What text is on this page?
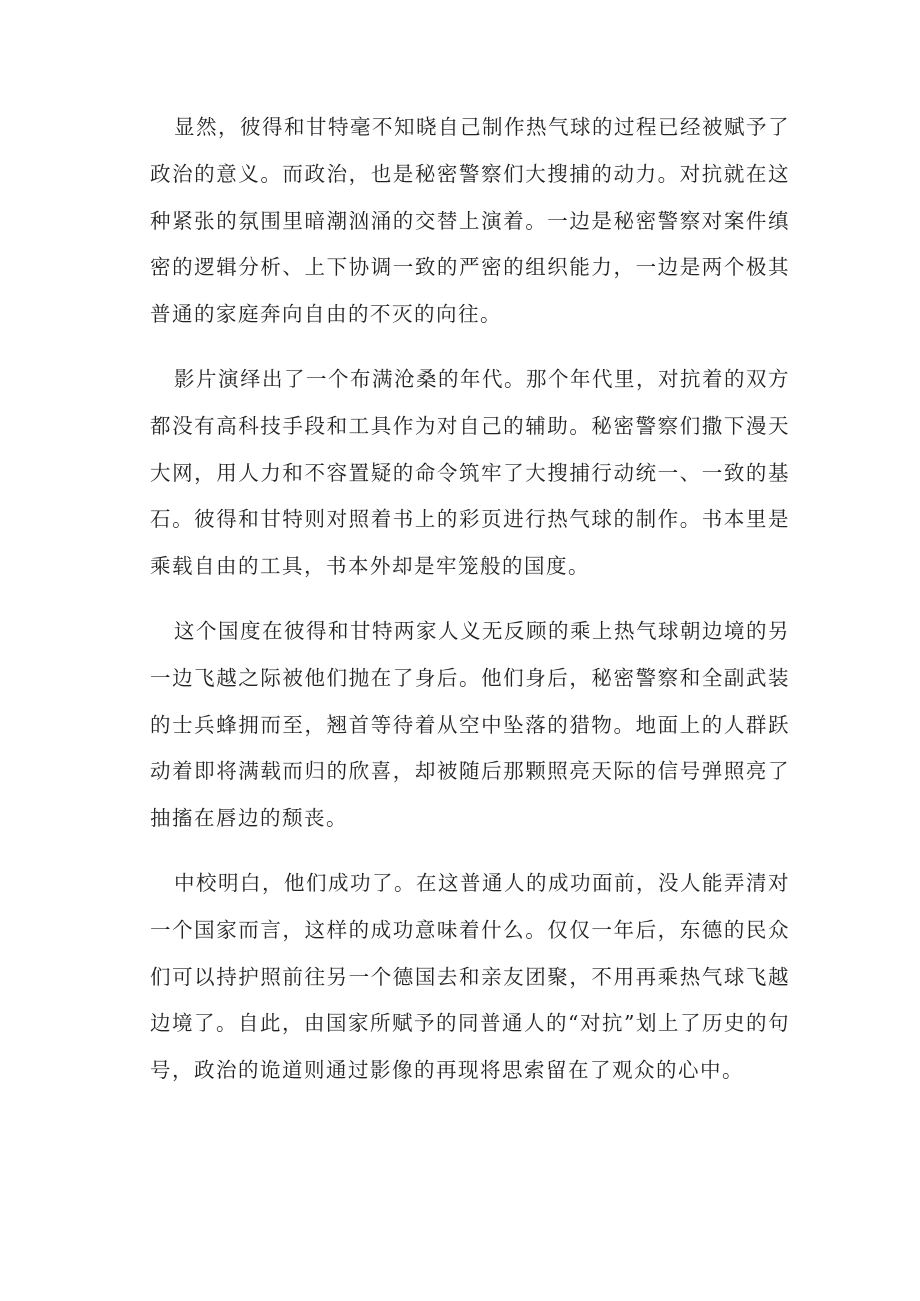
显然，彼得和甘特毫不知晓自己制作热气球的过程已经被赋予了政治的意义。而政治，也是秘密警察们大搜捕的动力。对抗就在这种紧张的氛围里暗潮汹涌的交替上演着。一边是秘密警察对案件缜密的逻辑分析、上下协调一致的严密的组织能力，一边是两个极其普通的家庭奔向自由的不灭的向往。

影片演绎出了一个布满沧桑的年代。那个年代里，对抗着的双方都没有高科技手段和工具作为对自己的辅助。秘密警察们撒下漫天大网，用人力和不容置疑的命令筑牢了大搜捕行动统一、一致的基石。彼得和甘特则对照着书上的彩页进行热气球的制作。书本里是乘载自由的工具，书本外却是牢笼般的国度。

这个国度在彼得和甘特两家人义无反顾的乘上热气球朝边境的另一边飞越之际被他们抛在了身后。他们身后，秘密警察和全副武装的士兵蜂拥而至，翘首等待着从空中坠落的猎物。地面上的人群跃动着即将满载而归的欣喜，却被随后那颗照亮天际的信号弹照亮了抽搐在唇边的颓丧。

中校明白，他们成功了。在这普通人的成功面前，没人能弄清对一个国家而言，这样的成功意味着什么。仅仅一年后，东德的民众们可以持护照前往另一个德国去和亲友团聚，不用再乘热气球飞越边境了。自此，由国家所赋予的同普通人的“对抗”划上了历史的句号，政治的诡道则通过影像的再现将思索留在了观众的心中。
